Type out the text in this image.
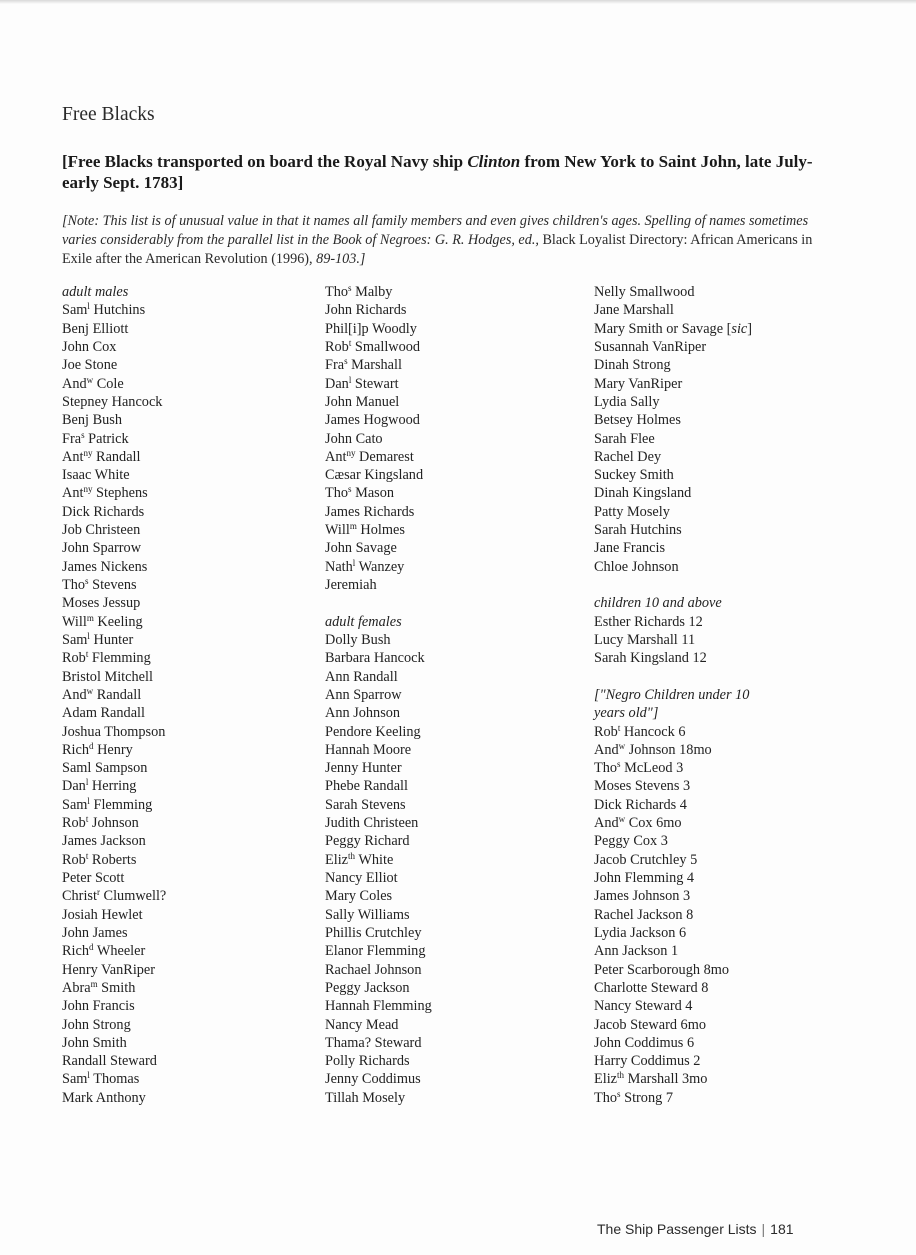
Free Blacks
[Free Blacks transported on board the Royal Navy ship Clinton from New York to Saint John, late July-early Sept. 1783]
[Note: This list is of unusual value in that it names all family members and even gives children's ages. Spelling of names sometimes varies considerably from the parallel list in the Book of Negroes: G. R. Hodges, ed., Black Loyalist Directory: African Americans in Exile after the American Revolution (1996), 89-103.]
adult males
Sam$^l$ Hutchins
Benj Elliott
John Cox
Joe Stone
And$^w$ Cole
Stepney Hancock
Benj Bush
Fra$^s$ Patrick
Ant$^{ny}$ Randall
Isaac White
Ant$^{ny}$ Stephens
Dick Richards
Job Christeen
John Sparrow
James Nickens
Tho$^s$ Stevens
Moses Jessup
Will$^m$ Keeling
Sam$^l$ Hunter
Rob$^t$ Flemming
Bristol Mitchell
And$^w$ Randall
Adam Randall
Joshua Thompson
Rich$^d$ Henry
Saml Sampson
Dan$^l$ Herring
Sam$^l$ Flemming
Rob$^t$ Johnson
James Jackson
Rob$^t$ Roberts
Peter Scott
Christ$^r$ Clumwell?
Josiah Hewlet
John James
Rich$^d$ Wheeler
Henry VanRiper
Abra$^m$ Smith
John Francis
John Strong
John Smith
Randall Steward
Sam$^l$ Thomas
Mark Anthony
Tho$^s$ Malby
John Richards
Phil[i]p Woodly
Rob$^t$ Smallwood
Fra$^s$ Marshall
Dan$^l$ Stewart
John Manuel
James Hogwood
John Cato
Ant$^{ny}$ Demarest
Cæsar Kingsland
Tho$^s$ Mason
James Richards
Will$^m$ Holmes
John Savage
Nath$^l$ Wanzey
Jeremiah
adult females
Dolly Bush
Barbara Hancock
Ann Randall
Ann Sparrow
Ann Johnson
Pendore Keeling
Hannah Moore
Jenny Hunter
Phebe Randall
Sarah Stevens
Judith Christeen
Peggy Richard
Eliz$^{th}$ White
Nancy Elliot
Mary Coles
Sally Williams
Phillis Crutchley
Elanor Flemming
Rachael Johnson
Peggy Jackson
Hannah Flemming
Nancy Mead
Thama? Steward
Polly Richards
Jenny Coddimus
Tillah Mosely
Nelly Smallwood
Jane Marshall
Mary Smith or Savage [sic]
Susannah VanRiper
Dinah Strong
Mary VanRiper
Lydia Sally
Betsey Holmes
Sarah Flee
Rachel Dey
Suckey Smith
Dinah Kingsland
Patty Mosely
Sarah Hutchins
Jane Francis
Chloe Johnson
children 10 and above
Esther Richards 12
Lucy Marshall 11
Sarah Kingsland 12
["Negro Children under 10
years old"]
Rob$^t$ Hancock 6
And$^w$ Johnson 18mo
Tho$^s$ McLeod 3
Moses Stevens 3
Dick Richards 4
And$^w$ Cox 6mo
Peggy Cox 3
Jacob Crutchley 5
John Flemming 4
James Johnson 3
Rachel Jackson 8
Lydia Jackson 6
Ann Jackson 1
Peter Scarborough 8mo
Charlotte Steward 8
Nancy Steward 4
Jacob Steward 6mo
John Coddimus 6
Harry Coddimus 2
Eliz$^{th}$ Marshall 3mo
Tho$^s$ Strong 7
The Ship Passenger Lists | 181
